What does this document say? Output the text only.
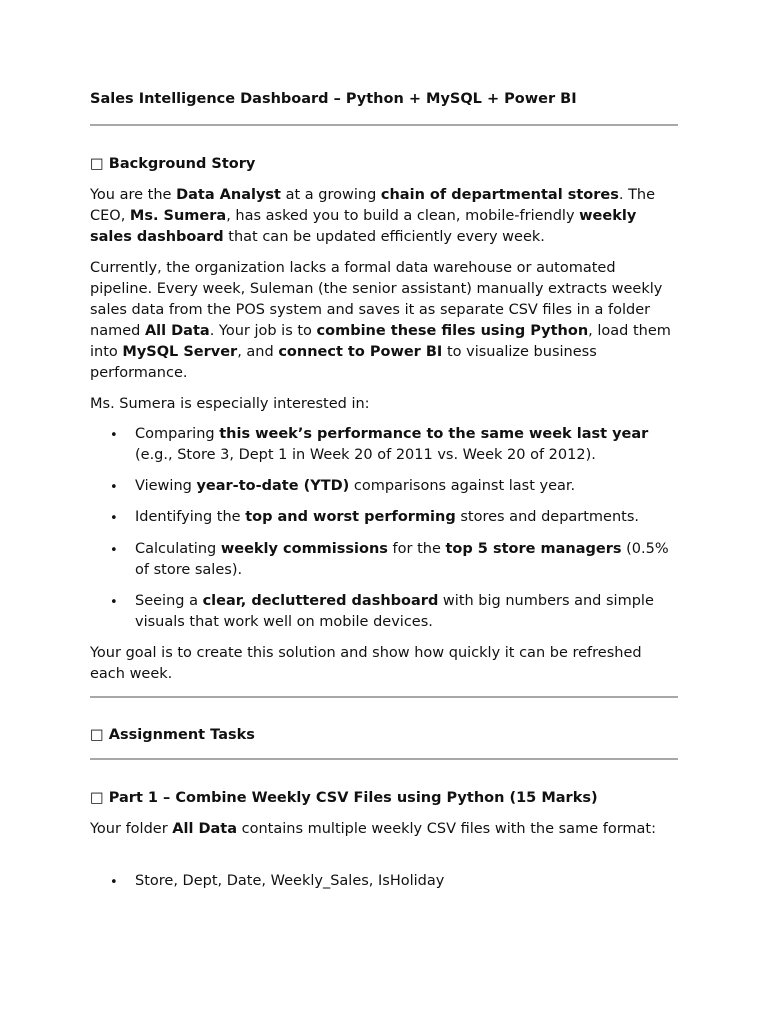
Sales Intelligence Dashboard – Python + MySQL + Power BI
□ Background Story
You are the Data Analyst at a growing chain of departmental stores. The CEO, Ms. Sumera, has asked you to build a clean, mobile-friendly weekly sales dashboard that can be updated efficiently every week.
Currently, the organization lacks a formal data warehouse or automated pipeline. Every week, Suleman (the senior assistant) manually extracts weekly sales data from the POS system and saves it as separate CSV files in a folder named All Data. Your job is to combine these files using Python, load them into MySQL Server, and connect to Power BI to visualize business performance.
Ms. Sumera is especially interested in:
• Comparing this week’s performance to the same week last year (e.g., Store 3, Dept 1 in Week 20 of 2011 vs. Week 20 of 2012).
• Viewing year-to-date (YTD) comparisons against last year.
• Identifying the top and worst performing stores and departments.
• Calculating weekly commissions for the top 5 store managers (0.5% of store sales).
• Seeing a clear, decluttered dashboard with big numbers and simple visuals that work well on mobile devices.
Your goal is to create this solution and show how quickly it can be refreshed each week.
□ Assignment Tasks
□ Part 1 – Combine Weekly CSV Files using Python (15 Marks)
Your folder All Data contains multiple weekly CSV files with the same format:
• Store, Dept, Date, Weekly_Sales, IsHoliday
